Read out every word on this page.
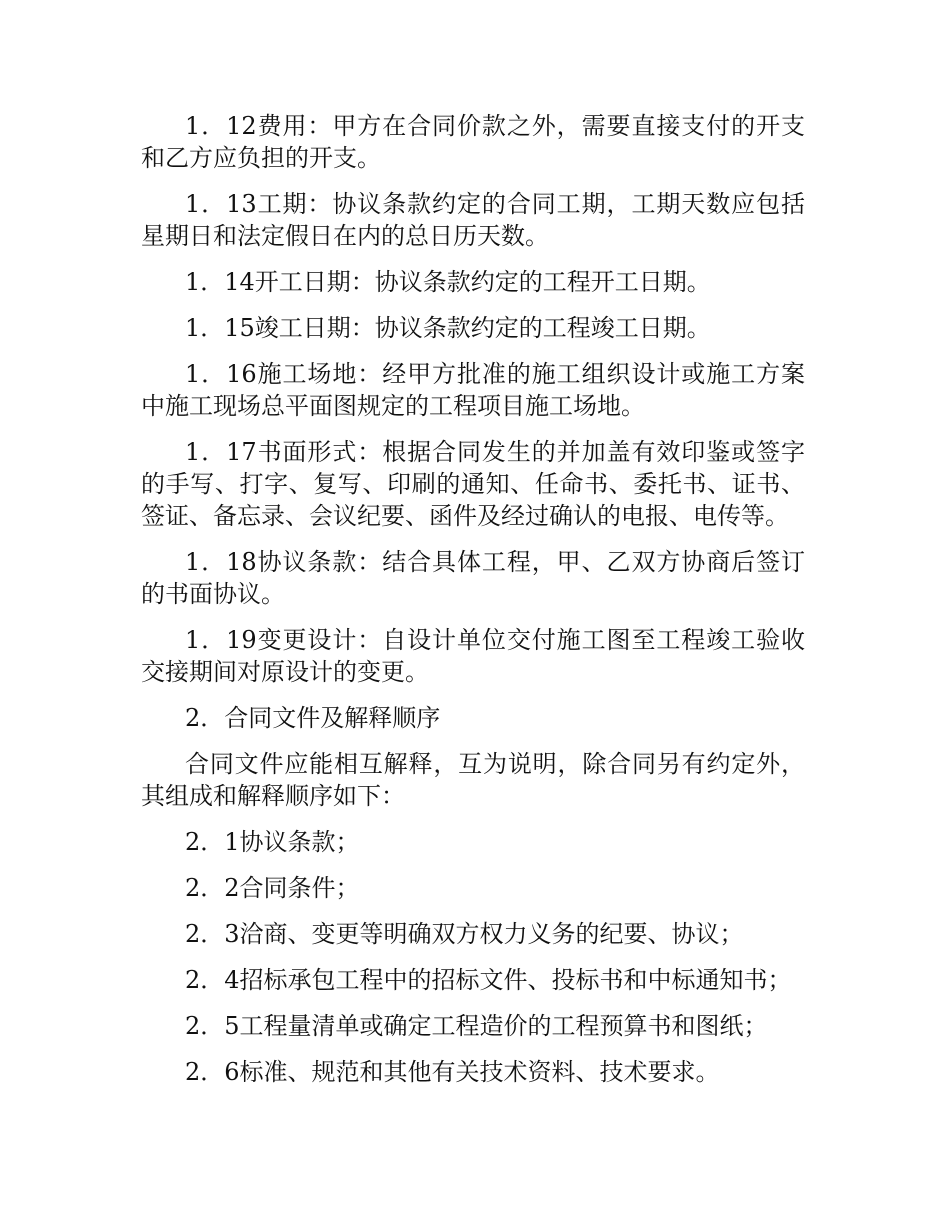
1．12费用：甲方在合同价款之外，需要直接支付的开支和乙方应负担的开支。

1．13工期：协议条款约定的合同工期，工期天数应包括星期日和法定假日在内的总日历天数。

1．14开工日期：协议条款约定的工程开工日期。

1．15竣工日期：协议条款约定的工程竣工日期。

1．16施工场地：经甲方批准的施工组织设计或施工方案中施工现场总平面图规定的工程项目施工场地。

1．17书面形式：根据合同发生的并加盖有效印鉴或签字的手写、打字、复写、印刷的通知、任命书、委托书、证书、签证、备忘录、会议纪要、函件及经过确认的电报、电传等。

1．18协议条款：结合具体工程，甲、乙双方协商后签订的书面协议。

1．19变更设计：自设计单位交付施工图至工程竣工验收交接期间对原设计的变更。

2．合同文件及解释顺序

合同文件应能相互解释，互为说明，除合同另有约定外，其组成和解释顺序如下：

2．1协议条款；

2．2合同条件；

2．3洽商、变更等明确双方权力义务的纪要、协议；

2．4招标承包工程中的招标文件、投标书和中标通知书；

2．5工程量清单或确定工程造价的工程预算书和图纸；

2．6标准、规范和其他有关技术资料、技术要求。
